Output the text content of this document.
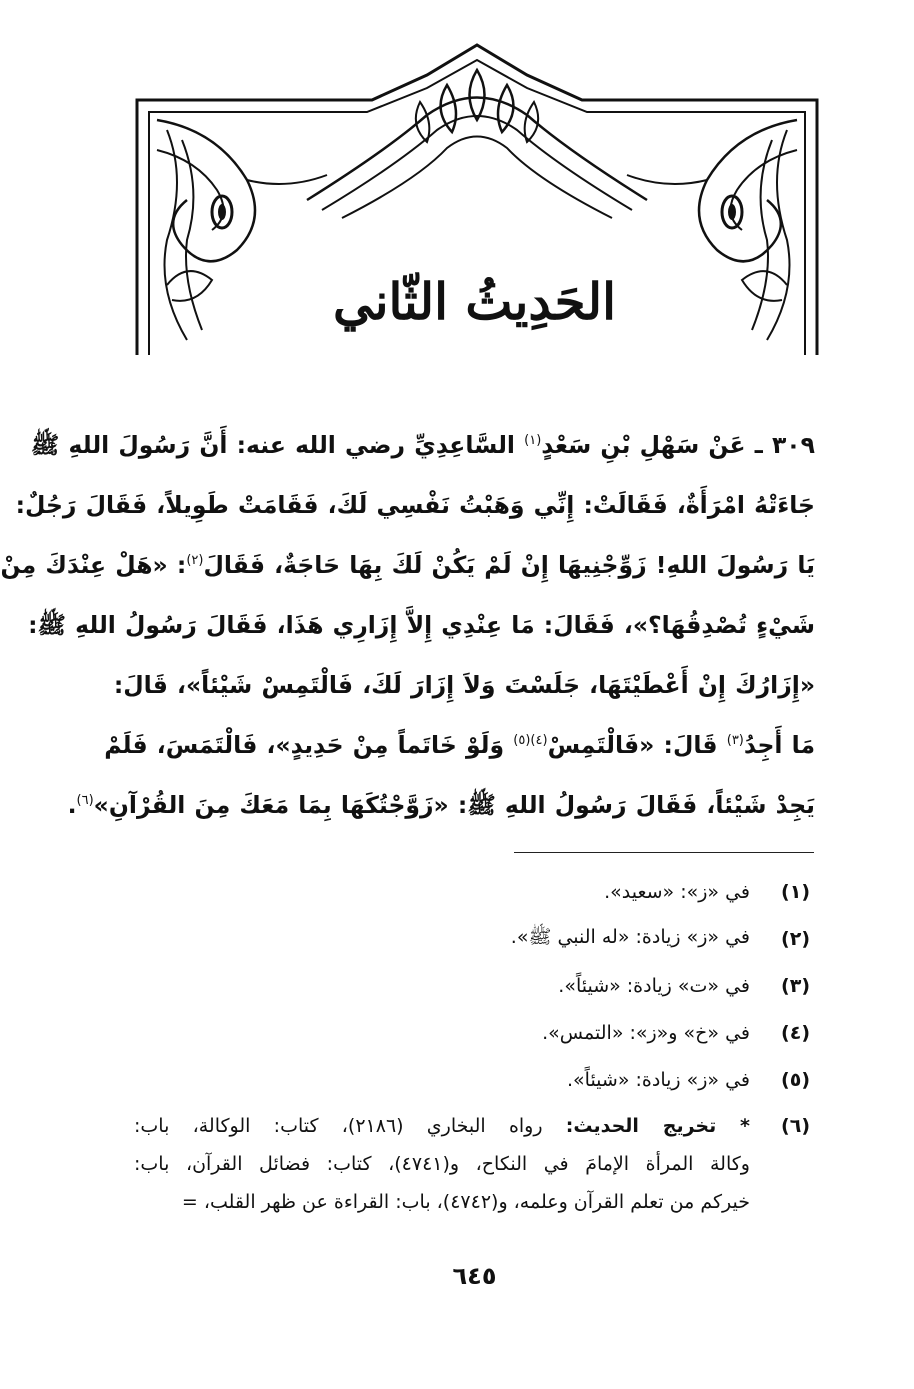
الحَدِيثُ الثّاني
٣٠٩ ـ عَنْ سَهْلِ بْنِ سَعْدٍ$^{(١)}$ السَّاعِدِيِّ رضي الله عنه: أَنَّ رَسُولَ اللهِ ﷺ
جَاءَتْهُ امْرَأَةٌ، فَقَالَتْ: إِنِّي وَهَبْتُ نَفْسِي لَكَ، فَقَامَتْ طَوِيلاً، فَقَالَ رَجُلٌ:
يَا رَسُولَ اللهِ! زَوِّجْنِيهَا إِنْ لَمْ يَكُنْ لَكَ بِهَا حَاجَةٌ، فَقَالَ$^{(٢)}$: «هَلْ عِنْدَكَ مِنْ
شَيْءٍ تُصْدِقُهَا؟»، فَقَالَ: مَا عِنْدِي إِلاَّ إِزَارِي هَذَا، فَقَالَ رَسُولُ اللهِ ﷺ:
«إِزَارُكَ إِنْ أَعْطَيْتَهَا، جَلَسْتَ وَلاَ إِزَارَ لَكَ، فَالْتَمِسْ شَيْئاً»، قَالَ:
مَا أَجِدُ$^{(٣)}$ قَالَ: «فَالْتَمِسْ$^{(٤)(٥)}$ وَلَوْ خَاتَماً مِنْ حَدِيدٍ»، فَالْتَمَسَ، فَلَمْ
يَجِدْ شَيْئاً، فَقَالَ رَسُولُ اللهِ ﷺ: «زَوَّجْتُكَهَا بِمَا مَعَكَ مِنَ القُرْآنِ»$^{(٦)}$.
(١)
في «ز»: «سعيد».
(٢)
في «ز» زيادة: «له النبي ﷺ».
(٣)
في «ت» زيادة: «شيئاً».
(٤)
في «خ» و«ز»: «التمس».
(٥)
في «ز» زيادة: «شيئاً».
(٦)
* تخريج الحديث: رواه البخاري (٢١٨٦)، كتاب: الوكالة، باب:
وكالة المرأة الإمامَ في النكاح، و(٤٧٤١)، كتاب: فضائل القرآن، باب:
خيركم من تعلم القرآن وعلمه، و(٤٧٤٢)، باب: القراءة عن ظهر القلب، =
٦٤٥
